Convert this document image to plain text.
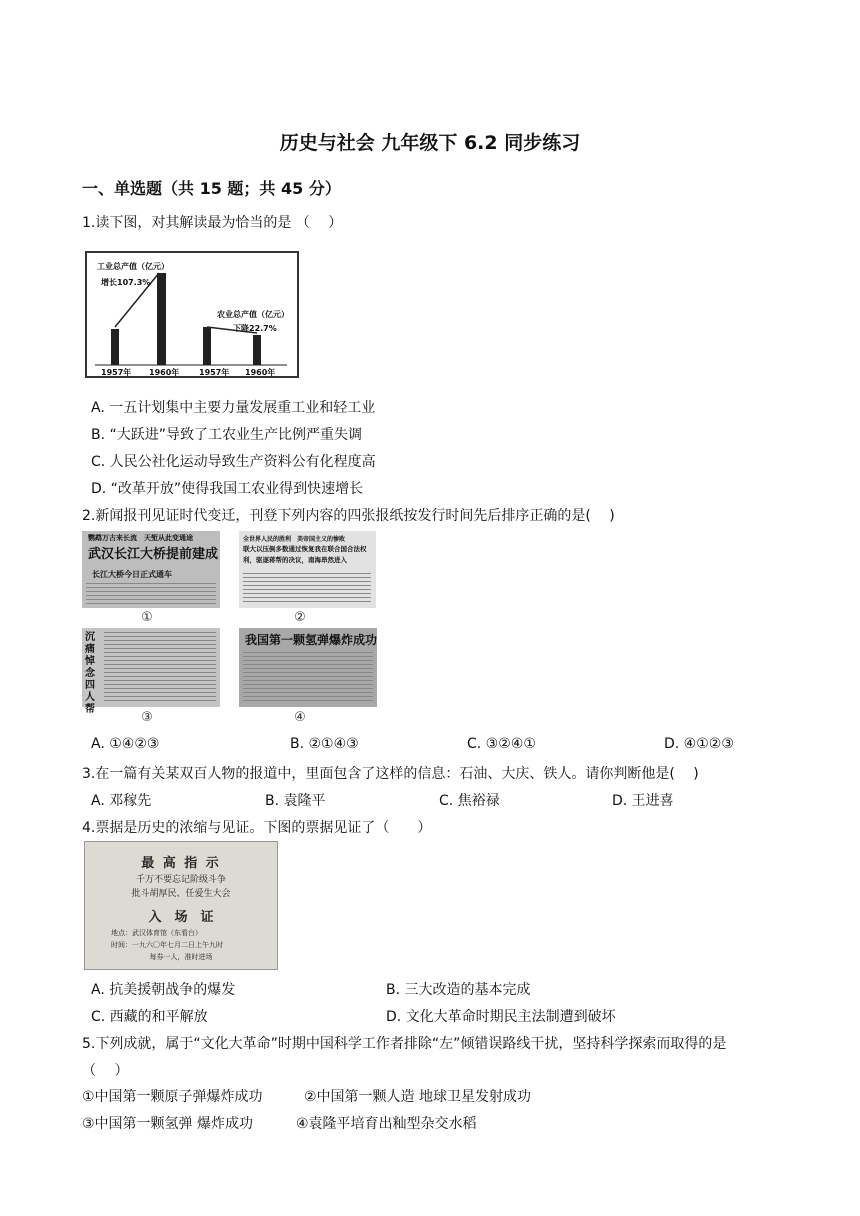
历史与社会 九年级下 6.2 同步练习
一、单选题（共 15 题；共 45 分）
1.读下图，对其解读最为恰当的是 （　 ）
工业总产值（亿元）
增长107.3%
农业总产值（亿元）
下降22.7%
1957年 1960年 1957年 1960年
A. 一五计划集中主要力量发展重工业和轻工业
B. “大跃进”导致了工农业生产比例严重失调
C. 人民公社化运动导致生产资料公有化程度高
D. “改革开放”使得我国工农业得到快速增长
2.新闻报刊见证时代变迁，刊登下列内容的四张报纸按发行时间先后排序正确的是(　 )
鹦鹉万古来长流　天堑从此变通途
武汉长江大桥提前建成
长江大桥今日正式通车
①
全世界人民的胜利　美帝国主义的惨败
联大以压倒多数通过恢复我在联合国合法权利，驱逐蒋帮的决议，南海昂然进入
②
沉痛悼念 四人帮
③
我国第一颗氢弹爆炸成功
④
A. ①④②③	B. ②①④③	C. ③②④①	D. ④①②③
3.在一篇有关某双百人物的报道中，里面包含了这样的信息：石油、大庆、铁人。请你判断他是(　 )
A. 邓稼先	B. 袁隆平	C. 焦裕禄	D. 王进喜
4.票据是历史的浓缩与见证。下图的票据见证了（　　）
最 高 指 示
千万不要忘记阶级斗争
批斗胡厚民、任爱生大会
入　场　证
地点：武汉体育馆（东看台）
时间：一九六〇年七月二日上午九时
每券一人，准时进场
A. 抗美援朝战争的爆发	B. 三大改造的基本完成
C. 西藏的和平解放	D. 文化大革命时期民主法制遭到破坏
5.下列成就，属于“文化大革命”时期中国科学工作者排除“左”倾错误路线干扰，坚持科学探索而取得的是
（　 ）
①中国第一颗原子弹爆炸成功	②中国第一颗人造 地球卫星发射成功
③中国第一颗氢弹 爆炸成功	④袁隆平培育出籼型杂交水稻
